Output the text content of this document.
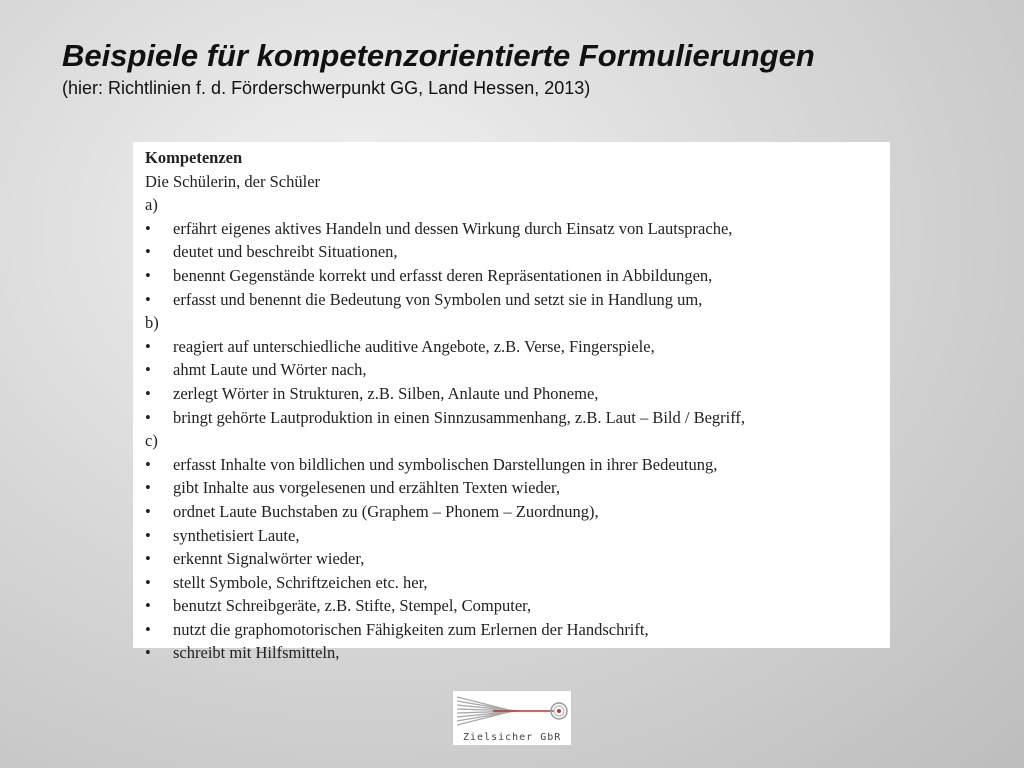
Beispiele für kompetenzorientierte Formulierungen

(hier: Richtlinien f. d. Förderschwerpunkt GG, Land Hessen, 2013)

Kompetenzen

Die Schülerin, der Schüler

a)

•	erfährt eigenes aktives Handeln und dessen Wirkung durch Einsatz von Lautsprache,
•	deutet und beschreibt Situationen,
•	benennt Gegenstände korrekt und erfasst deren Repräsentationen in Abbildungen,
•	erfasst und benennt die Bedeutung von Symbolen und setzt sie in Handlung um,

b)

•	reagiert auf unterschiedliche auditive Angebote, z.B. Verse, Fingerspiele,
•	ahmt Laute und Wörter nach,
•	zerlegt Wörter in Strukturen, z.B. Silben, Anlaute und Phoneme,
•	bringt gehörte Lautproduktion in einen Sinnzusammenhang, z.B. Laut – Bild / Begriff,

c)

•	erfasst Inhalte von bildlichen und symbolischen Darstellungen in ihrer Bedeutung,
•	gibt Inhalte aus vorgelesenen und erzählten Texten wieder,
•	ordnet Laute Buchstaben zu (Graphem – Phonem – Zuordnung),
•	synthetisiert Laute,
•	erkennt Signalwörter wieder,
•	stellt Symbole, Schriftzeichen etc. her,
•	benutzt Schreibgeräte, z.B. Stifte, Stempel, Computer,
•	nutzt die graphomotorischen Fähigkeiten zum Erlernen der Handschrift,
•	schreibt mit Hilfsmitteln,
Zielsicher GbR
